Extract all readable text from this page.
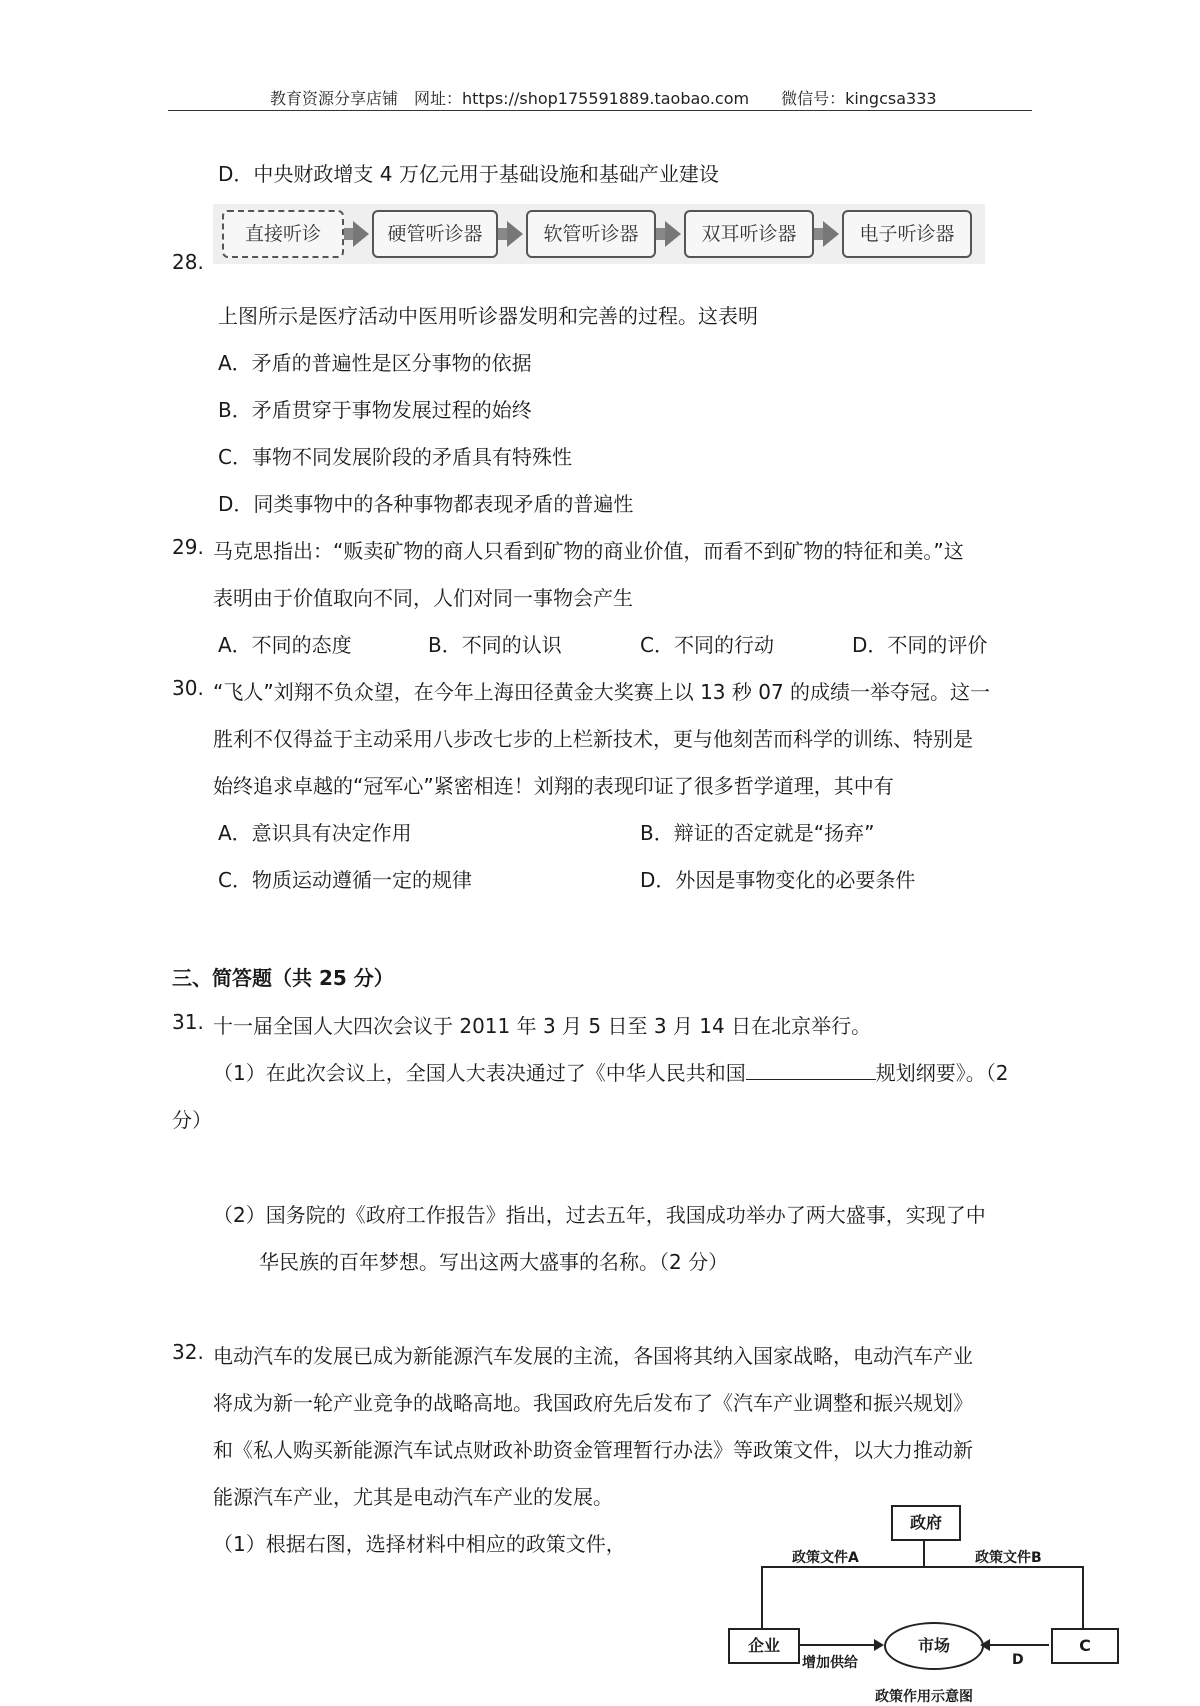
教育资源分享店铺　网址：https://shop175591889.taobao.com　　微信号：kingcsa333
D．中央财政增支 4 万亿元用于基础设施和基础产业建设
28.
直接听诊	硬管听诊器	软管听诊器	双耳听诊器	电子听诊器
上图所示是医疗活动中医用听诊器发明和完善的过程。这表明
A．矛盾的普遍性是区分事物的依据
B．矛盾贯穿于事物发展过程的始终
C．事物不同发展阶段的矛盾具有特殊性
D．同类事物中的各种事物都表现矛盾的普遍性
29. 马克思指出：“贩卖矿物的商人只看到矿物的商业价值，而看不到矿物的特征和美。”这
表明由于价值取向不同，人们对同一事物会产生
A．不同的态度	B．不同的认识	C．不同的行动	D．不同的评价
30. “飞人”刘翔不负众望，在今年上海田径黄金大奖赛上以 13 秒 07 的成绩一举夺冠。这一
胜利不仅得益于主动采用八步改七步的上栏新技术，更与他刻苦而科学的训练、特别是
始终追求卓越的“冠军心”紧密相连！刘翔的表现印证了很多哲学道理，其中有
A．意识具有决定作用	B．辩证的否定就是“扬弃”
C．物质运动遵循一定的规律	D．外因是事物变化的必要条件
三、简答题（共 25 分）
31. 十一届全国人大四次会议于 2011 年 3 月 5 日至 3 月 14 日在北京举行。
（1）在此次会议上，全国人大表决通过了《中华人民共和国	规划纲要》。（2
分）
（2）国务院的《政府工作报告》指出，过去五年，我国成功举办了两大盛事，实现了中
华民族的百年梦想。写出这两大盛事的名称。（2 分）
32. 电动汽车的发展已成为新能源汽车发展的主流，各国将其纳入国家战略，电动汽车产业
将成为新一轮产业竞争的战略高地。我国政府先后发布了《汽车产业调整和振兴规划》
和《私人购买新能源汽车试点财政补助资金管理暂行办法》等政策文件，以大力推动新
能源汽车产业，尤其是电动汽车产业的发展。
（1）根据右图，选择材料中相应的政策文件，
政府
政策文件A	政策文件B
企业	市场	C
增加供给	D
政策作用示意图
